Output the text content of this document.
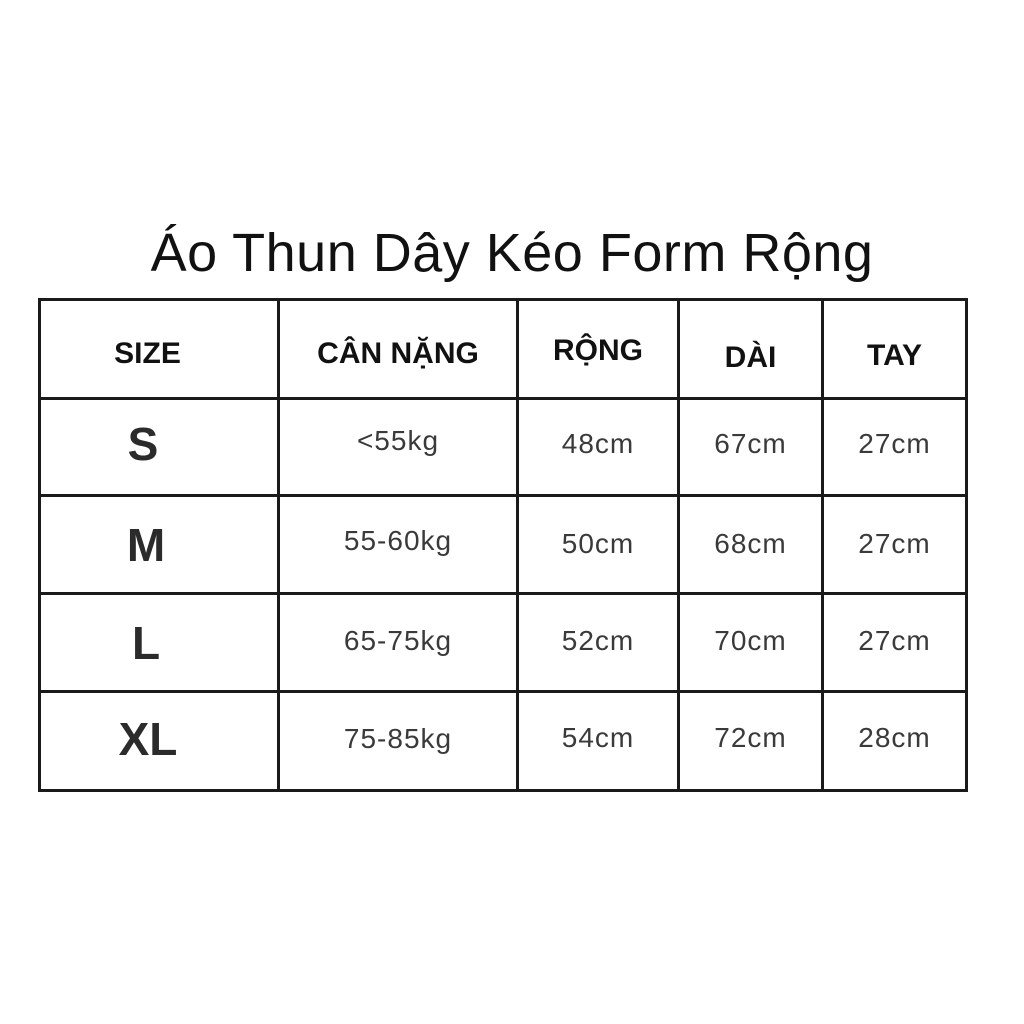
Áo Thun Dây Kéo Form Rộng
SIZE	CÂN NẶNG	RỘNG	DÀI	TAY
S	<55kg	48cm	67cm	27cm
M	55-60kg	50cm	68cm	27cm
L	65-75kg	52cm	70cm	27cm
XL	75-85kg	54cm	72cm	28cm
